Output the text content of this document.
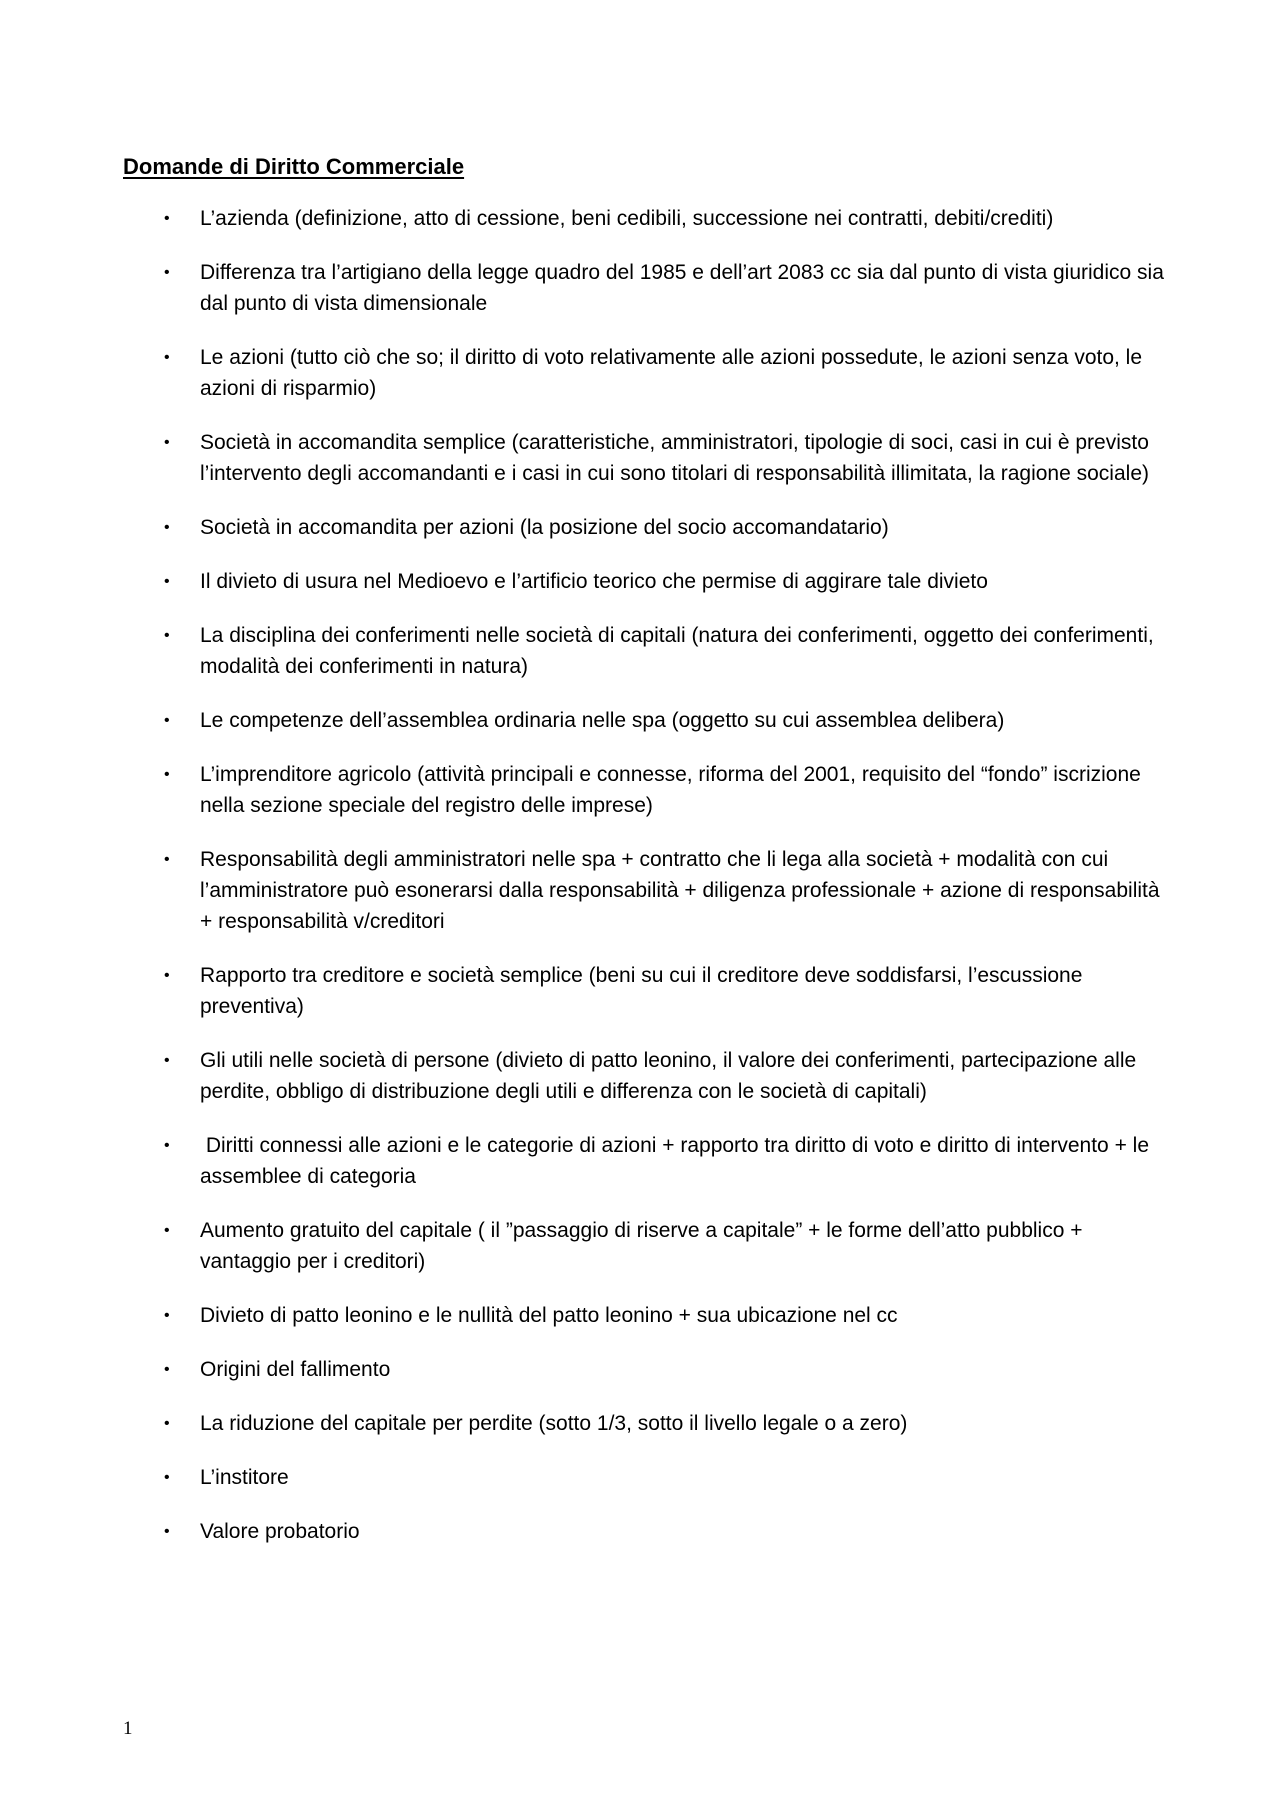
Domande di Diritto Commerciale
• L’azienda (definizione, atto di cessione, beni cedibili, successione nei contratti, debiti/crediti)
• Differenza tra l’artigiano della legge quadro del 1985 e dell’art 2083 cc sia dal punto di vista giuridico sia dal punto di vista dimensionale
• Le azioni (tutto ciò che so; il diritto di voto relativamente alle azioni possedute, le azioni senza voto, le azioni di risparmio)
• Società in accomandita semplice (caratteristiche, amministratori, tipologie di soci, casi in cui è previsto l’intervento degli accomandanti e i casi in cui sono titolari di responsabilità illimitata, la ragione sociale)
• Società in accomandita per azioni (la posizione del socio accomandatario)
• Il divieto di usura nel Medioevo e l’artificio teorico che permise di aggirare tale divieto
• La disciplina dei conferimenti nelle società di capitali (natura dei conferimenti, oggetto dei conferimenti, modalità dei conferimenti in natura)
• Le competenze dell’assemblea ordinaria nelle spa (oggetto su cui assemblea delibera)
• L’imprenditore agricolo (attività principali e connesse, riforma del 2001, requisito del “fondo” iscrizione nella sezione speciale del registro delle imprese)
• Responsabilità degli amministratori nelle spa + contratto che li lega alla società + modalità con cui l’amministratore può esonerarsi dalla responsabilità + diligenza professionale + azione di responsabilità + responsabilità v/creditori
• Rapporto tra creditore e società semplice (beni su cui il creditore deve soddisfarsi, l’escussione preventiva)
• Gli utili nelle società di persone (divieto di patto leonino, il valore dei conferimenti, partecipazione alle perdite, obbligo di distribuzione degli utili e differenza con le società di capitali)
• Diritti connessi alle azioni e le categorie di azioni + rapporto tra diritto di voto e diritto di intervento + le assemblee di categoria
• Aumento gratuito del capitale ( il ”passaggio di riserve a capitale” + le forme dell’atto pubblico + vantaggio per i creditori)
• Divieto di patto leonino e le nullità del patto leonino + sua ubicazione nel cc
• Origini del fallimento
• La riduzione del capitale per perdite (sotto 1/3, sotto il livello legale o a zero)
• L’institore
• Valore probatorio
1
